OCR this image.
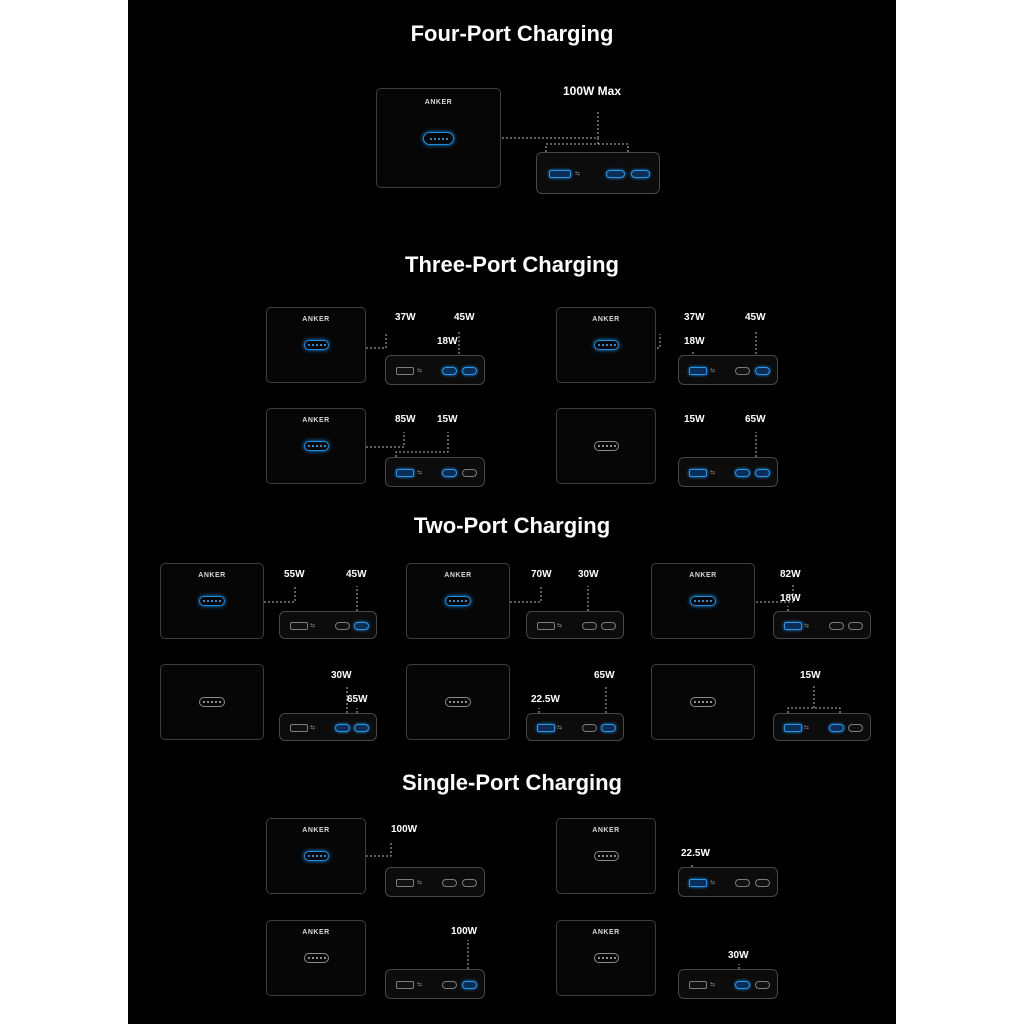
Four-Port Charging
Three-Port Charging
Two-Port Charging
Single-Port Charging
ANKER
⇆
100W Max
ANKER
⇆
37W	45W
18W
ANKER
⇆
37W	45W
18W
ANKER
⇆
85W 15W
⇆
15W	65W
ANKER
⇆
55W	45W	ANKER
⇆
70W	30W	ANKER
⇆
82W
18W
⇆
30W
65W
⇆
22.5W
65W
⇆
15W
ANKER
⇆
100W	ANKER
⇆
22.5W
ANKER
⇆
100W	ANKER
⇆
30W
